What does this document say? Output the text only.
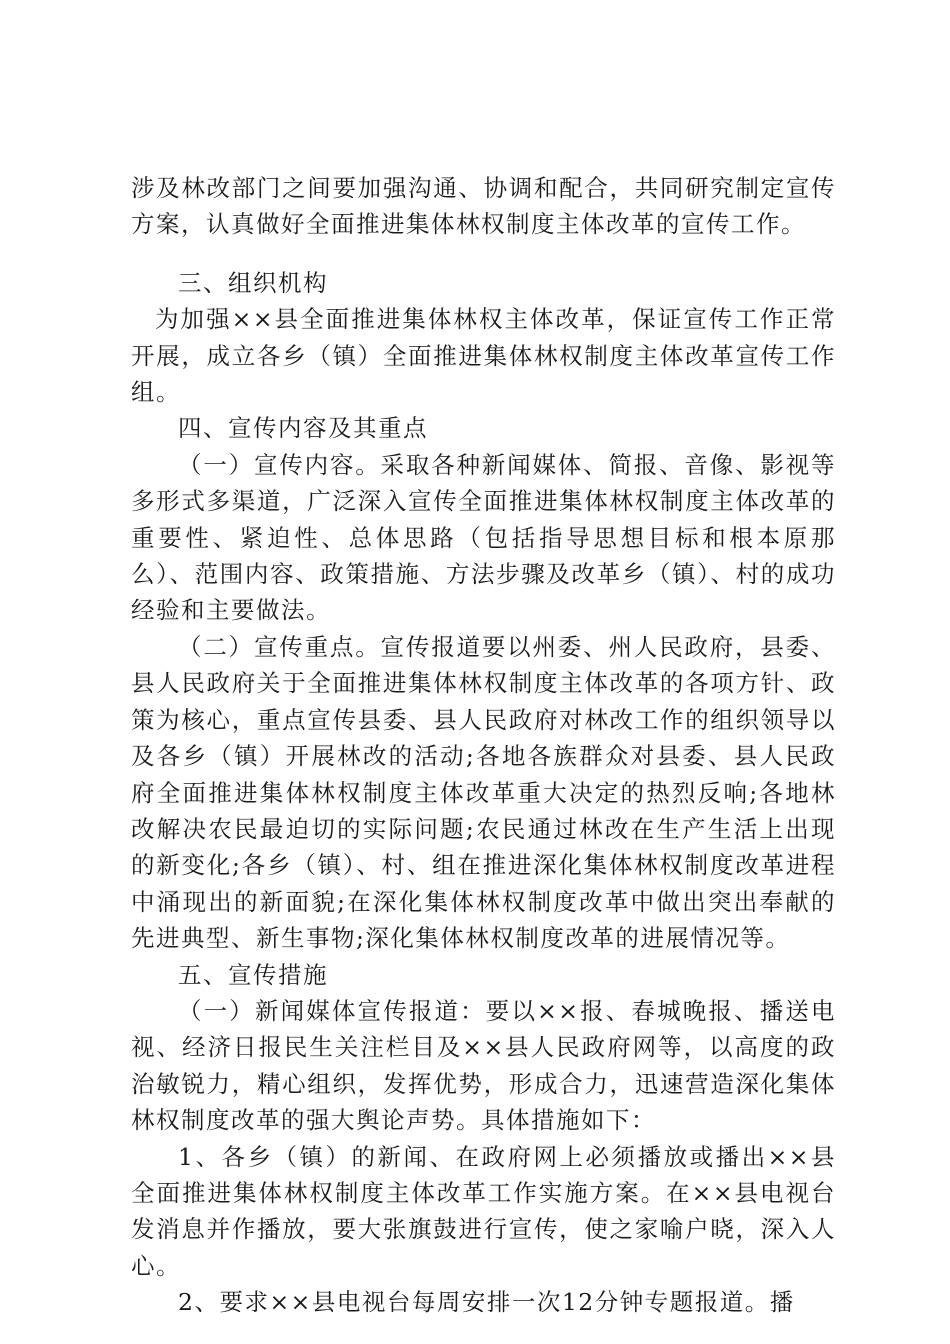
涉及林改部门之间要加强沟通、协调和配合，共同研究制定宣传方案，认真做好全面推进集体林权制度主体改革的宣传工作。

三、组织机构

为加强××县全面推进集体林权主体改革，保证宣传工作正常开展，成立各乡（镇）全面推进集体林权制度主体改革宣传工作组。

四、宣传内容及其重点

（一）宣传内容。采取各种新闻媒体、简报、音像、影视等多形式多渠道，广泛深入宣传全面推进集体林权制度主体改革的重要性、紧迫性、总体思路（包括指导思想目标和根本原那么）、范围内容、政策措施、方法步骤及改革乡（镇）、村的成功经验和主要做法。

（二）宣传重点。宣传报道要以州委、州人民政府，县委、县人民政府关于全面推进集体林权制度主体改革的各项方针、政策为核心，重点宣传县委、县人民政府对林改工作的组织领导以及各乡（镇）开展林改的活动;各地各族群众对县委、县人民政府全面推进集体林权制度主体改革重大决定的热烈反响;各地林改解决农民最迫切的实际问题;农民通过林改在生产生活上出现的新变化;各乡（镇）、村、组在推进深化集体林权制度改革进程中涌现出的新面貌;在深化集体林权制度改革中做出突出奉献的先进典型、新生事物;深化集体林权制度改革的进展情况等。

五、宣传措施

（一）新闻媒体宣传报道：要以××报、春城晚报、播送电视、经济日报民生关注栏目及××县人民政府网等，以高度的政治敏锐力，精心组织，发挥优势，形成合力，迅速营造深化集体林权制度改革的强大舆论声势。具体措施如下：

1、各乡（镇）的新闻、在政府网上必须播放或播出××县全面推进集体林权制度主体改革工作实施方案。在××县电视台发消息并作播放，要大张旗鼓进行宣传，使之家喻户晓，深入人心。

2、要求××县电视台每周安排一次12分钟专题报道。播
